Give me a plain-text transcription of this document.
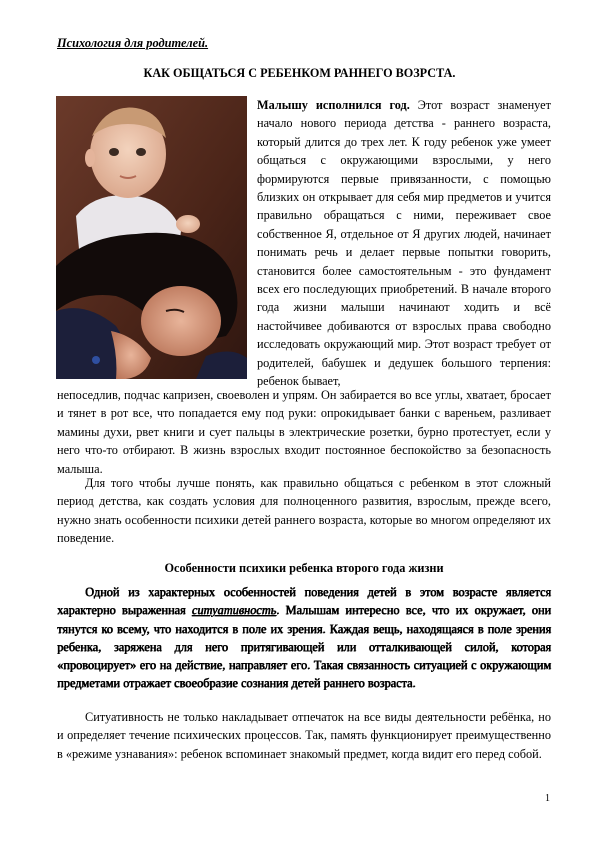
Психология для родителей.
КАК ОБЩАТЬСЯ С РЕБЕНКОМ РАННЕГО ВОЗРСТА.
Малышу исполнился год. Этот возраст знаменует начало нового периода детства - раннего возраста, который длится до трех лет. К году ребенок уже умеет общаться с окружающими взрослыми, у него формируются первые привязанности, с помощью близких он открывает для себя мир предметов и учится правильно обращаться с ними, переживает свое собственное Я, отдельное от Я других людей, начинает понимать речь и делает первые попытки говорить, становится более самостоятельным - это фундамент всех его последующих приобретений. В начале второго года жизни малыши начинают ходить и всё настойчивее добиваются от взрослых права свободно исследовать окружающий мир. Этот возраст требует от родителей, бабушек и дедушек большого терпения: ребенок бывает,
непоседлив, подчас капризен, своеволен и упрям. Он забирается во все углы, хватает, бросает и тянет в рот все, что попадается ему под руки: опрокидывает банки с вареньем, разливает мамины духи, рвет книги и сует пальцы в электрические розетки, бурно протестует, если у него что-то отбирают. В жизнь взрослых входит постоянное беспокойство за безопасность малыша.
Для того чтобы лучше понять, как правильно общаться с ребенком в этот сложный период детства, как создать условия для полноценного развития, взрослым, прежде всего, нужно знать особенности психики детей раннего возраста, которые во многом определяют их поведение.
Особенности психики ребенка второго года жизни
Одной из характерных особенностей поведения детей в этом возрасте является характерно выраженная ситуативность. Малышам интересно все, что их окружает, они тянутся ко всему, что находится в поле их зрения. Каждая вещь, находящаяся в поле зрения ребенка, заряжена для него притягивающей или отталкивающей силой, которая «провоцирует» его на действие, направляет его. Такая связанность ситуацией с окружающим предметами отражает своеобразие сознания детей раннего возраста.
Ситуативность не только накладывает отпечаток на все виды деятельности ребёнка, но и определяет течение психических процессов. Так, память функционирует преимущественно в «режиме узнавания»: ребенок вспоминает знакомый предмет, когда видит его перед собой.
1
